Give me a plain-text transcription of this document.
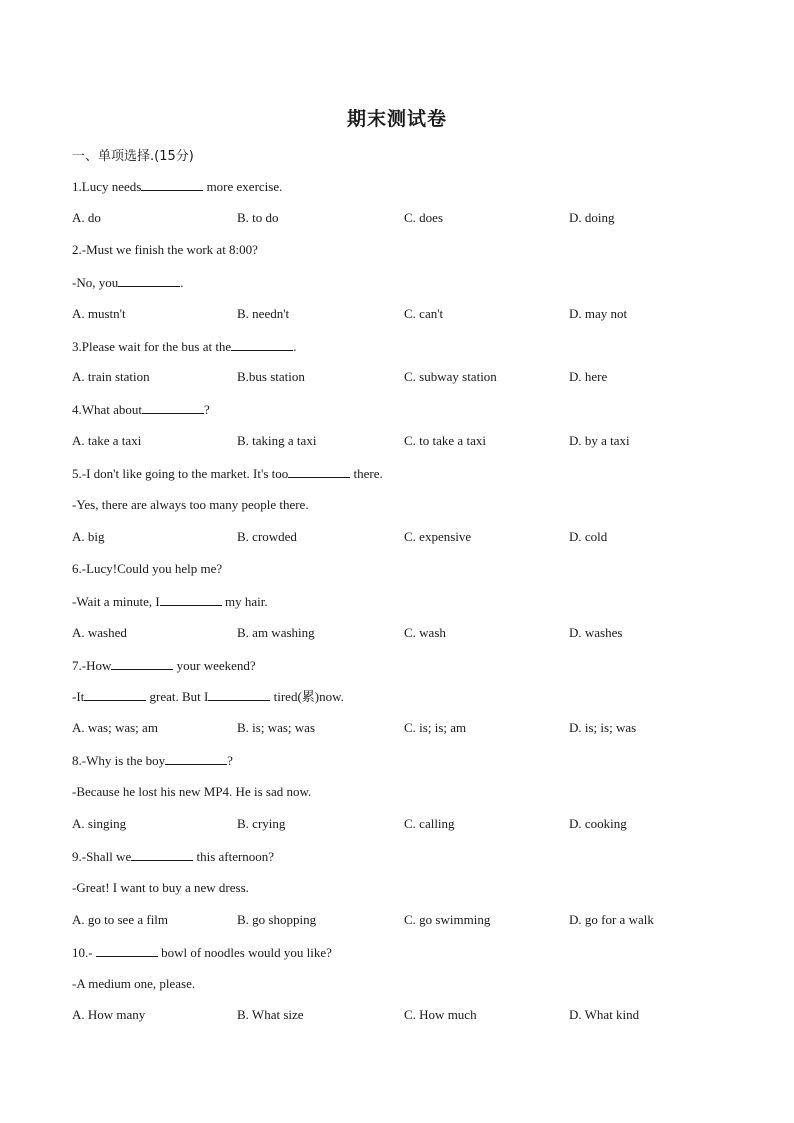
期末测试卷
一、单项选择.(15分)
1.Lucy needs	more exercise.
A. do	B. to do	C. does	D. doing
2.-Must we finish the work at 8:00?
-No, you	.
A. mustn't	B. needn't	C. can't	D. may not
3.Please wait for the bus at the	.
A. train station	B.bus station	C. subway station	D. here
4.What about	?
A. take a taxi	B. taking a taxi	C. to take a taxi	D. by a taxi
5.-I don't like going to the market. It's too	there.
-Yes, there are always too many people there.
A. big	B. crowded	C. expensive	D. cold
6.-Lucy!Could you help me?
-Wait a minute, I	my hair.
A. washed	B. am washing	C. wash	D. washes
7.-How	your weekend?
-It	great. But I	tired(累)now.
A. was; was; am	B. is; was; was	C. is; is; am	D. is; is; was
8.-Why is the boy	?
-Because he lost his new MP4. He is sad now.
A. singing	B. crying	C. calling	D. cooking
9.-Shall we	this afternoon?
-Great! I want to buy a new dress.
A. go to see a film	B. go shopping	C. go swimming	D. go for a walk
10.-	bowl of noodles would you like?
-A medium one, please.
A. How many	B. What size	C. How much	D. What kind
